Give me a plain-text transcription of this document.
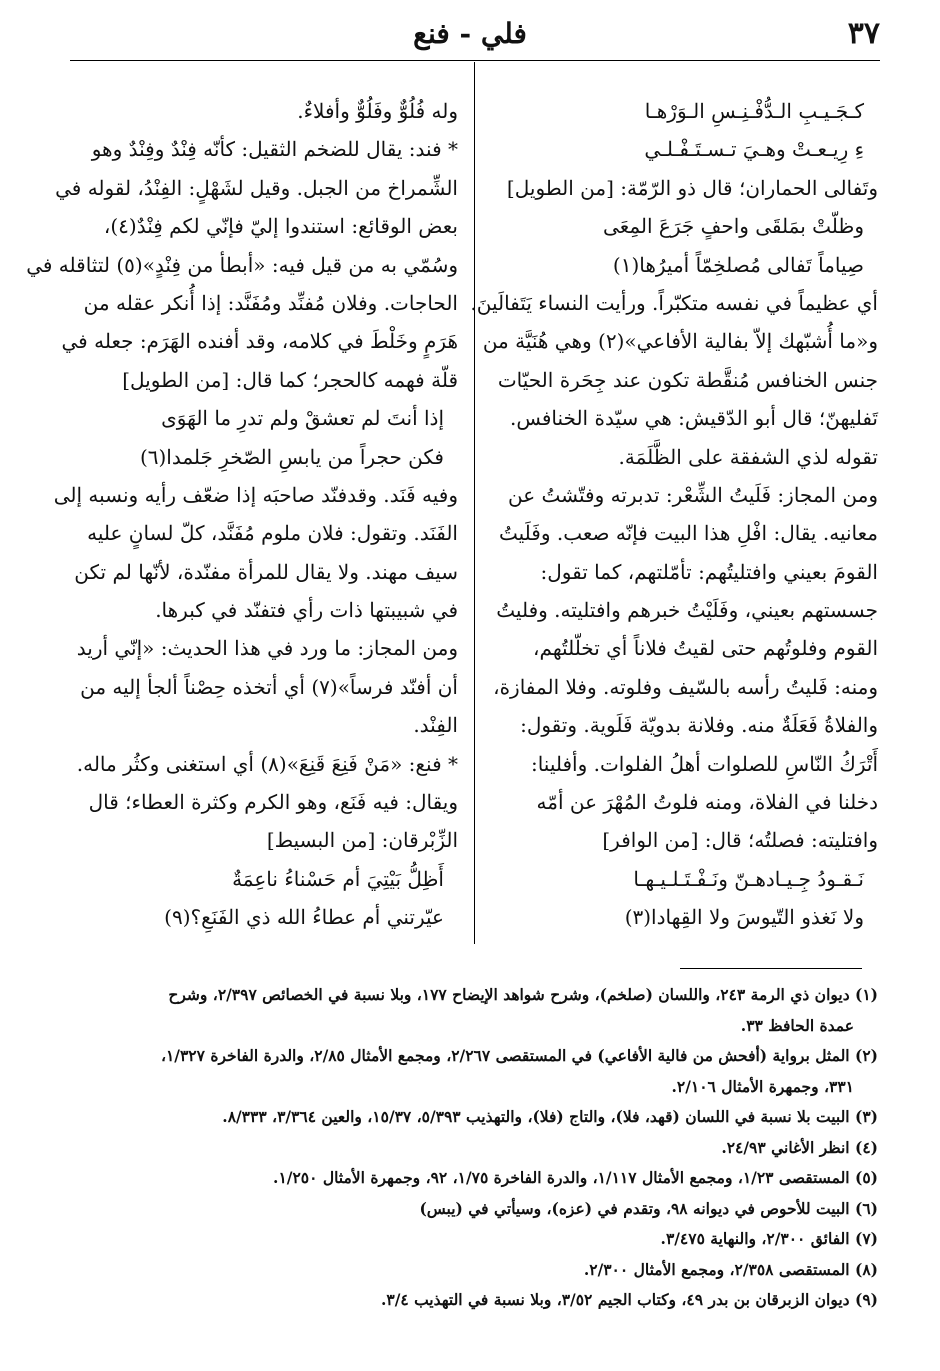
٣٧
فلي - فنع
كـجَـيـبِ الـدُّفْـنِـسِ الـوَرْهـا
ءِ رِيـعـتْ وهـيَ تـسـتَـفْـلـي
وتَفالى الحماران؛ قال ذو الرّمّة: [من الطويل]
وظلّتْ بمَلقَى واحفٍ جَرَعَ المِعَى
صِياماً تَفالى مُصلخِمّاً أميرُها(١)
أي عظيماً في نفسه متكبّراً. ورأيت النساء يَتَفالَينَ.
و«ما أُشبّهك إلاّ بفالية الأفاعي»(٢) وهي هُنَيَّة من
جنس الخنافس مُنقَّطة تكون عند جِحَرة الحيّات
تَفليهنّ؛ قال أبو الدّقيش: هي سيّدة الخنافس.
تقوله لذي الشفقة على الظَّلَمَة.
ومن المجاز: فَلَيتُ الشِّعْر: تدبرته وفتّشتُ عن
معانيه. يقال: افْلِ هذا البيت فإنّه صعب. وفَلَيتُ
القومَ بعيني وافتليتُهم: تأمّلتهم، كما تقول:
جسستهم بعيني، وفَلَيْتُ خبرهم وافتليته. وفليتُ
القوم وفلوتُهم حتى لقيتُ فلاناً أي تخلّلتُهم،
ومنه: فَليتُ رأسه بالسّيف وفلوته. وفلا المفازة،
والفلاةُ فَعَلَةٌ منه. وفلانة بدويّة فَلَوية. وتقول:
أَتْرَكُ النّاسِ للصلوات أهلُ الفلوات. وأفلينا:
دخلنا في الفلاة، ومنه فلوتُ المُهْرَ عن أمّه
وافتليته: فصلتُه؛ قال: [من الوافر]
نَـقـودُ جِـيـادهـنّ ونَـفْـتَـلـيـهـا
ولا نَغذو التّيوسَ ولا القِهادا(٣)
وله فُلُوٌّ وفَلُوٌّ وأفلاءٌ.
* فند: يقال للضخم الثقيل: كأنّه فِنْدٌ وفِنْدٌ وهو
الشِّمراخ من الجبل. وقيل لشَهْلٍ: الفِنْدُ، لقوله في
بعض الوقائع: استندوا إليّ فإنّي لكم فِنْدٌ(٤)،
وسُمّي به من قيل فيه: «أبطأ من فِنْدٍ»(٥) لتثاقله في
الحاجات. وفلان مُفنِّد ومُفَنَّد: إذا أُنكر عقله من
هَرَمٍ وخَلْطَ في كلامه، وقد أفنده الهَرَم: جعله في
قلّة فهمه كالحجر؛ كما قال: [من الطويل]
إذا أنتَ لم تعشقْ ولم تدرِ ما الهَوَى
فكن حجراً من يابسِ الصّخرِ جَلمدا(٦)
وفيه فَنَد. وقدفنّد صاحبَه إذا ضعّف رأيه ونسبه إلى
الفَنَد. وتقول: فلان ملوم مُفَنَّد، كلّ لسانٍ عليه
سيف مهند. ولا يقال للمرأة مفنّدة، لأنّها لم تكن
في شبيبتها ذات رأي فتفنّد في كبرها.
ومن المجاز: ما ورد في هذا الحديث: «إنّي أريد
أن أفنّد فرساً»(٧) أي أتخذه حِصْناً ألجأ إليه من
الفِنْد.
* فنع: «مَنْ فَنِعَ قَنِعَ»(٨) أي استغنى وكثُر ماله.
ويقال: فيه فَنَع، وهو الكرم وكثرة العطاء؛ قال
الزِّبْرقان: [من البسيط]
أَظِلُّ بَيْتِيَ أم حَسْناءُ ناعِمَةٌ
عيّرتني أم عطاءُ الله ذي الفَنَعِ؟(٩)
(١) ديوان ذي الرمة ٢٤٣، واللسان (صلخم)، وشرح شواهد الإيضاح ١٧٧، وبلا نسبة في الخصائص ٢/٣٩٧، وشرح
عمدة الحافظ ٣٣.
(٢) المثل برواية (أفحش من فالية الأفاعي) في المستقصى ٢/٢٦٧، ومجمع الأمثال ٢/٨٥، والدرة الفاخرة ١/٣٢٧،
٣٣١، وجمهرة الأمثال ٢/١٠٦.
(٣) البيت بلا نسبة في اللسان (قهد، فلا)، والتاج (فلا)، والتهذيب ٥/٣٩٣، ١٥/٣٧، والعين ٣/٣٦٤، ٨/٣٣٣.
(٤) انظر الأغاني ٢٤/٩٣.
(٥) المستقصى ١/٢٣، ومجمع الأمثال ١/١١٧، والدرة الفاخرة ١/٧٥، ٩٢، وجمهرة الأمثال ١/٢٥٠.
(٦) البيت للأحوص في ديوانه ٩٨، وتقدم في (عزه)، وسيأتي في (يبس)
(٧) الفائق ٢/٣٠٠، والنهاية ٣/٤٧٥.
(٨) المستقصى ٢/٣٥٨، ومجمع الأمثال ٢/٣٠٠.
(٩) ديوان الزبرقان بن بدر ٤٩، وكتاب الجيم ٣/٥٢، وبلا نسبة في التهذيب ٣/٤.
